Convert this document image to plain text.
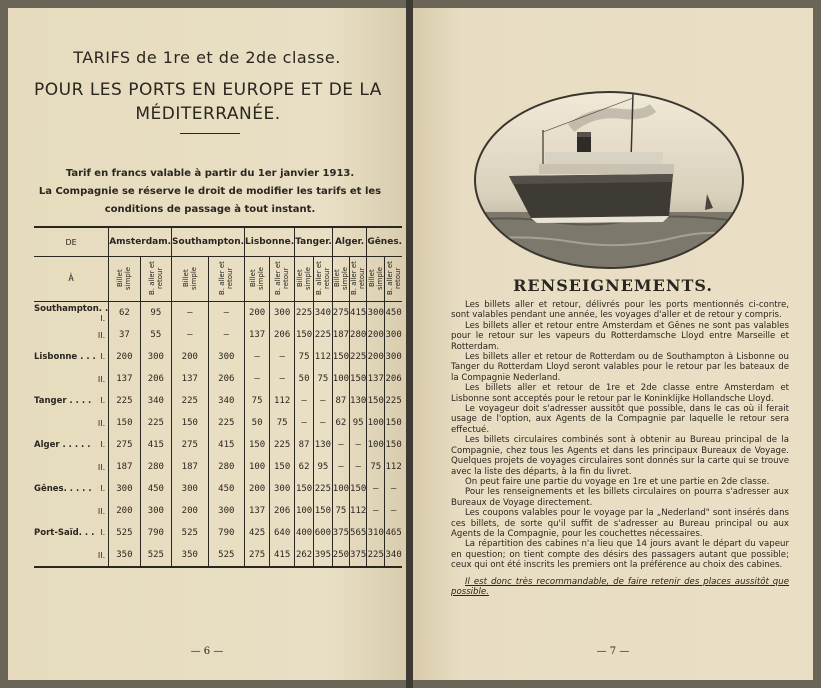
TARIFS de 1re et de 2de classe.
POUR LES PORTS EN EUROPE ET DE LA MÉDITERRANÉE.
Tarif en francs valable à partir du 1er janvier 1913.
La Compagnie se réserve le droit de modifier les tarifs et les
conditions de passage à tout instant.
DE	Amsterdam.		Southampton.		Lisbonne.		Tanger.		Alger.		Gênes.	
À	Billet simple	B. aller et retour	Billet simple	B. aller et retour	Billet simple	B. aller et retour	Billet simple	B. aller et retour	Billet simple	B. aller et retour	Billet simple	B. aller et retour
Southampton. .
I.	62	95	—	—	200	300	225	340	275	415	300	450

II.	37	55	—	—	137	206	150	225	187	280	200	300
Lisbonne . . . I.	200	300	200	300	—	—	75	112	150	225	200	300

II.	137	206	137	206	—	—	50	75	100	150	137	206
Tanger . . . . I.	225	340	225	340	75	112	—	—	87	130	150	225

II.	150	225	150	225	50	75	—	—	62	95	100	150
Alger . . . . . I.	275	415	275	415	150	225	87	130	—	—	100	150

II.	187	280	187	280	100	150	62	95	—	—	75	112
Gênes. . . . . I.	300	450	300	450	200	300	150	225	100	150	—	—

II.	200	300	200	300	137	206	100	150	75	112	—	—
Port-Saïd. . . I.	525	790	525	790	425	640	400	600	375	565	310	465

II.	350	525	350	525	275	415	262	395	250	375	225	340
— 6 —
RENSEIGNEMENTS.

Les billets aller et retour, délivrés pour les ports mentionnés ci-contre, sont valables pendant une année, les voyages d'aller et de retour y compris.

Les billets aller et retour entre Amsterdam et Gênes ne sont pas valables pour le retour sur les vapeurs du Rotterdamsche Lloyd entre Marseille et Rotterdam.

Les billets aller et retour de Rotterdam ou de Southampton à Lisbonne ou Tanger du Rotterdam Lloyd seront valables pour le retour par les bateaux de la Compagnie Nederland.

Les billets aller et retour de 1re et 2de classe entre Amsterdam et Lisbonne sont acceptés pour le retour par le Koninklijke Hollandsche Lloyd.

Le voyageur doit s'adresser aussitôt que possible, dans le cas où il ferait usage de l'option, aux Agents de la Compagnie par laquelle le retour sera effectué.

Les billets circulaires combinés sont à obtenir au Bureau principal de la Compagnie, chez tous les Agents et dans les principaux Bureaux de Voyage. Quelques projets de voyages circulaires sont donnés sur la carte qui se trouve avec la liste des départs, à la fin du livret.

On peut faire une partie du voyage en 1re et une partie en 2de classe.

Pour les renseignements et les billets circulaires on pourra s'adresser aux Bureaux de Voyage directement.

Les coupons valables pour le voyage par la „Nederland" sont insérés dans ces billets, de sorte qu'il suffit de s'adresser au Bureau principal ou aux Agents de la Compagnie, pour les couchettes nécessaires.

La répartition des cabines n'a lieu que 14 jours avant le départ du vapeur en question; on tient compte des désirs des passagers autant que possible; ceux qui ont été inscrits les premiers ont la préférence au choix des cabines.

Il est donc très recommandable, de faire retenir des places aussitôt que possible.

— 7 —
